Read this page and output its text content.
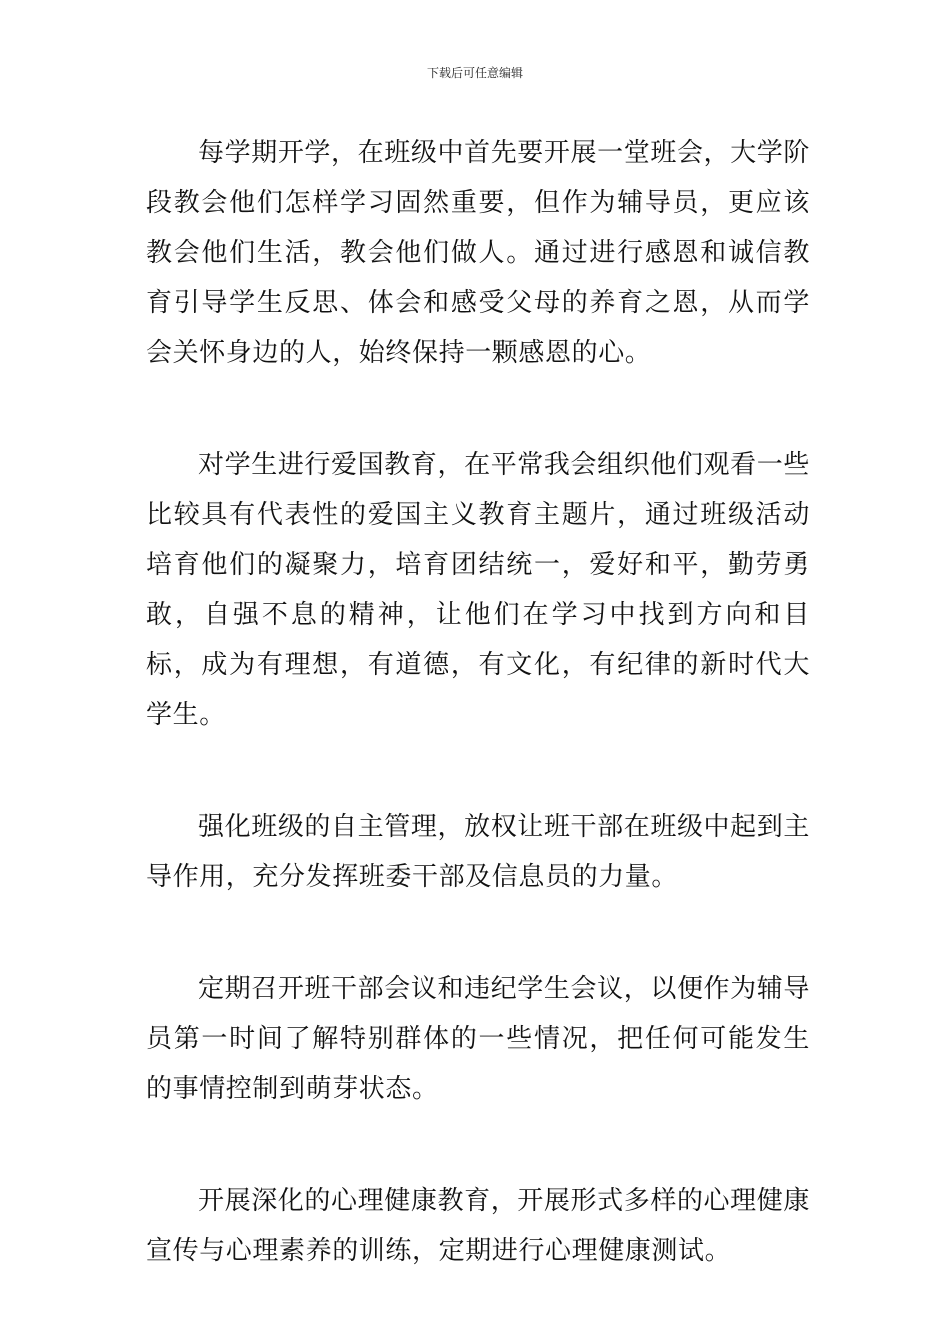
下载后可任意编辑

每学期开学，在班级中首先要开展一堂班会，大学阶段教会他们怎样学习固然重要，但作为辅导员，更应该教会他们生活，教会他们做人。通过进行感恩和诚信教育引导学生反思、体会和感受父母的养育之恩，从而学会关怀身边的人，始终保持一颗感恩的心。

对学生进行爱国教育，在平常我会组织他们观看一些比较具有代表性的爱国主义教育主题片，通过班级活动培育他们的凝聚力，培育团结统一，爱好和平，勤劳勇敢，自强不息的精神，让他们在学习中找到方向和目标，成为有理想，有道德，有文化，有纪律的新时代大学生。

强化班级的自主管理，放权让班干部在班级中起到主导作用，充分发挥班委干部及信息员的力量。

定期召开班干部会议和违纪学生会议，以便作为辅导员第一时间了解特别群体的一些情况，把任何可能发生的事情控制到萌芽状态。

开展深化的心理健康教育，开展形式多样的心理健康宣传与心理素养的训练，定期进行心理健康测试。
